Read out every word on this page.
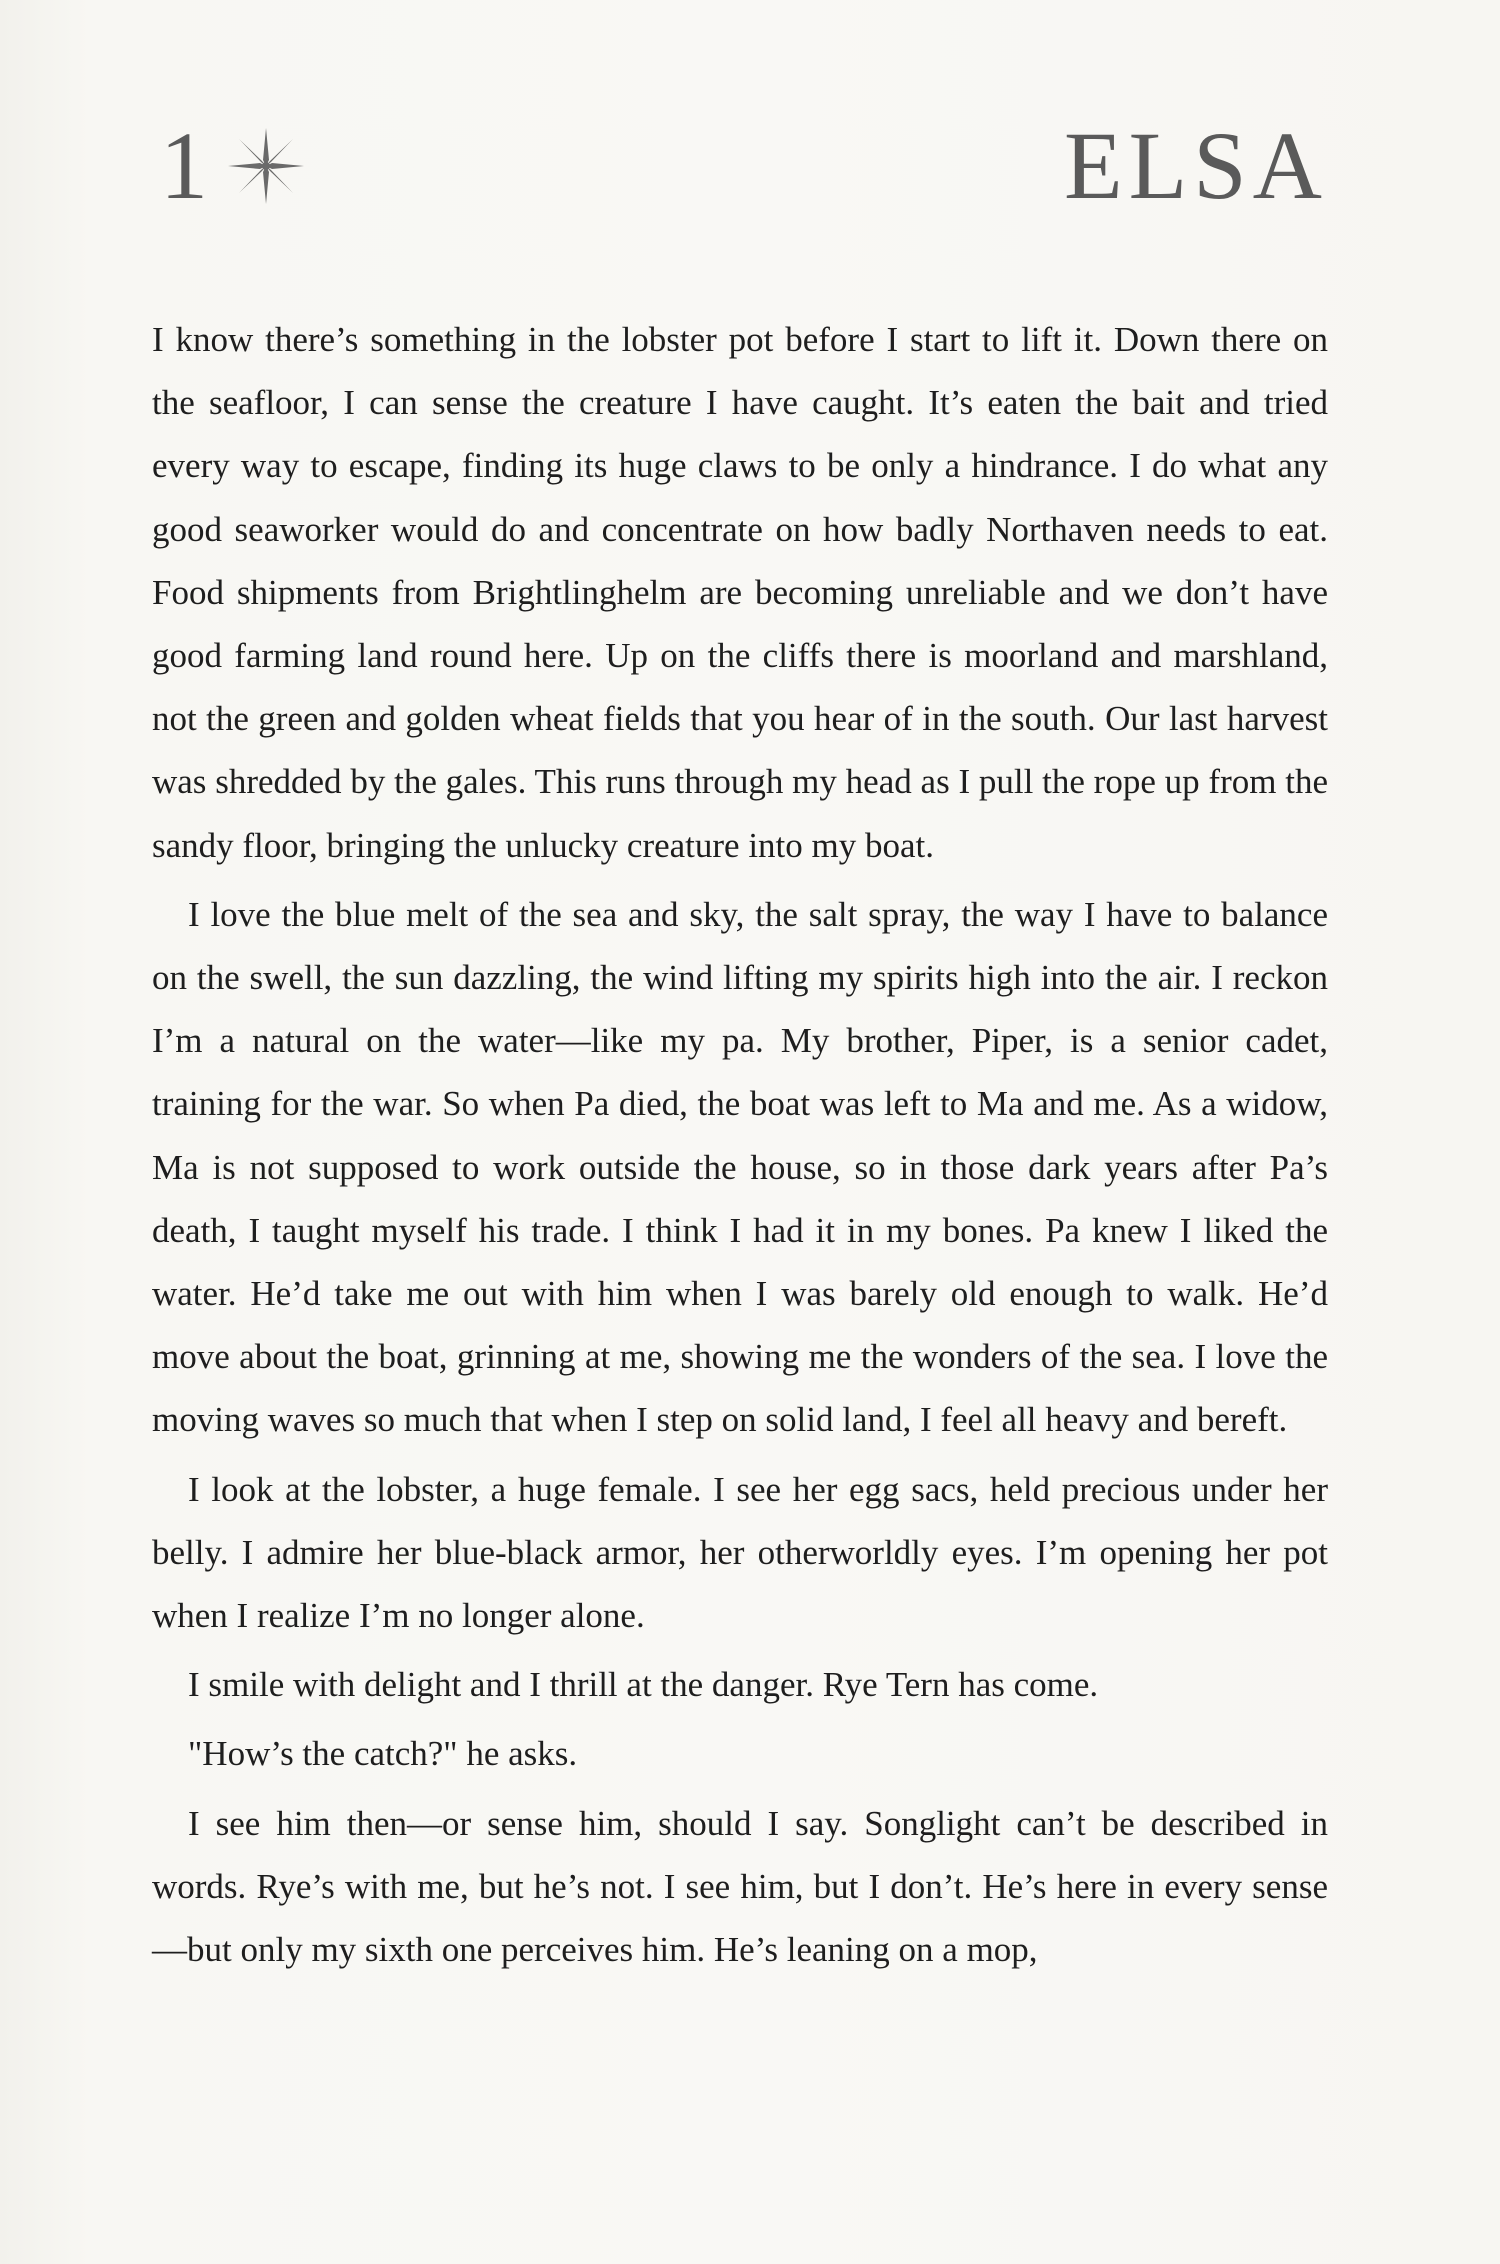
1	ELSA

I know there’s something in the lobster pot before I start to lift it. Down there on the seafloor, I can sense the creature I have caught. It’s eaten the bait and tried every way to escape, finding its huge claws to be only a hindrance. I do what any good seaworker would do and concentrate on how badly Northaven needs to eat. Food shipments from Brightlinghelm are becoming unreliable and we don’t have good farming land round here. Up on the cliffs there is moorland and marshland, not the green and golden wheat fields that you hear of in the south. Our last harvest was shredded by the gales. This runs through my head as I pull the rope up from the sandy floor, bringing the unlucky creature into my boat.

I love the blue melt of the sea and sky, the salt spray, the way I have to balance on the swell, the sun dazzling, the wind lifting my spirits high into the air. I reckon I’m a natural on the water—like my pa. My brother, Piper, is a senior cadet, training for the war. So when Pa died, the boat was left to Ma and me. As a widow, Ma is not supposed to work outside the house, so in those dark years after Pa’s death, I taught myself his trade. I think I had it in my bones. Pa knew I liked the water. He’d take me out with him when I was barely old enough to walk. He’d move about the boat, grinning at me, showing me the wonders of the sea. I love the moving waves so much that when I step on solid land, I feel all heavy and bereft.

I look at the lobster, a huge female. I see her egg sacs, held precious under her belly. I admire her blue-black armor, her otherworldly eyes. I’m opening her pot when I realize I’m no longer alone.

I smile with delight and I thrill at the danger. Rye Tern has come.

"How’s the catch?" he asks.

I see him then—or sense him, should I say. Songlight can’t be described in words. Rye’s with me, but he’s not. I see him, but I don’t. He’s here in every sense—but only my sixth one perceives him. He’s leaning on a mop,
